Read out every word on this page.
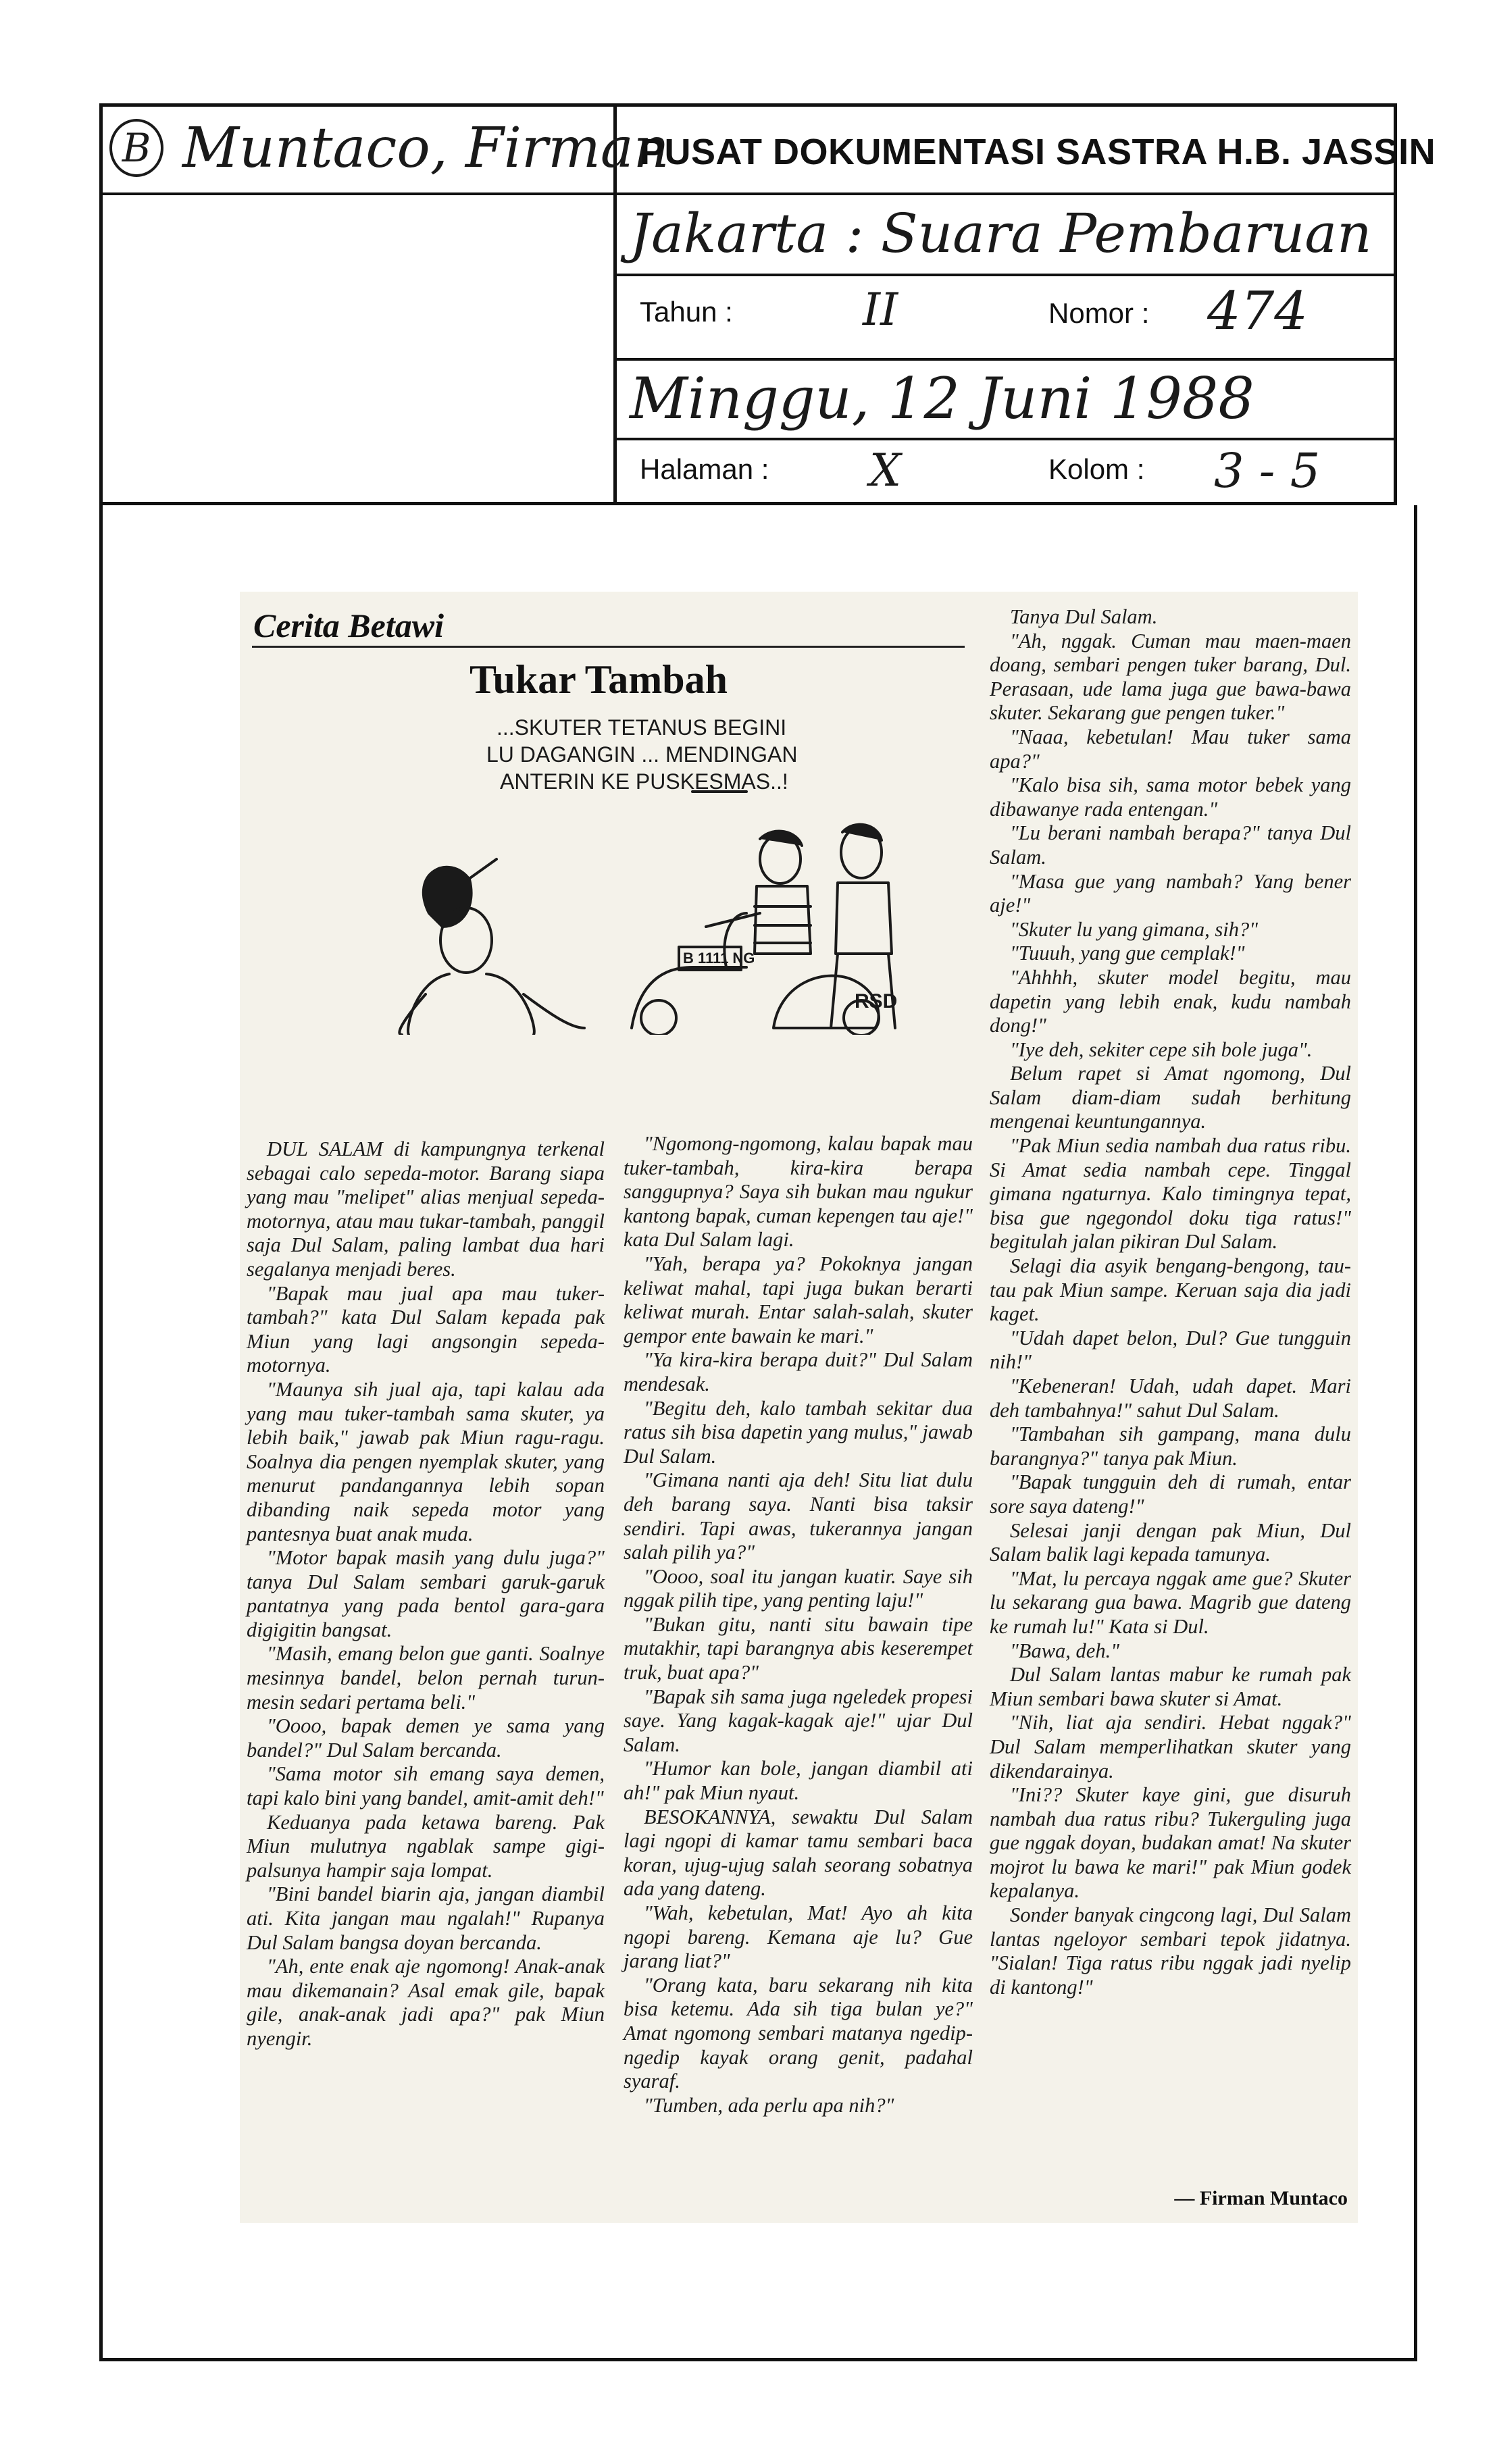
B Muntaco, Firman
PUSAT DOKUMENTASI SASTRA H.B. JASSIN
Jakarta : Suara Pembaruan
Tahun :	II	Nomor : 474
Minggu, 12 Juni 1988
Halaman : X	Kolom : 3 - 5
Cerita Betawi
Tukar Tambah
B 1111 NG
...SKUTER TETANUS BEGINI
LU DAGANGIN ... MENDINGAN
ANTERIN KE PUSKESMAS..!
RSD

DUL SALAM di kampungnya terkenal sebagai calo sepeda-motor. Barang siapa yang mau "melipet" alias menjual sepeda-motornya, atau mau tukar-tambah, panggil saja Dul Salam, paling lambat dua hari segalanya menjadi beres.

"Bapak mau jual apa mau tuker-tambah?" kata Dul Salam kepada pak Miun yang lagi angsongin sepeda-motornya.

"Maunya sih jual aja, tapi kalau ada yang mau tuker-tambah sama skuter, ya lebih baik," jawab pak Miun ragu-ragu. Soalnya dia pengen nyemplak skuter, yang menurut pandangannya lebih sopan dibanding naik sepeda motor yang pantesnya buat anak muda.

"Motor bapak masih yang dulu juga?" tanya Dul Salam sembari garuk-garuk pantatnya yang pada bentol gara-gara digigitin bangsat.

"Masih, emang belon gue ganti. Soalnye mesinnya bandel, belon pernah turun-mesin sedari pertama beli."

"Oooo, bapak demen ye sama yang bandel?" Dul Salam bercanda.

"Sama motor sih emang saya demen, tapi kalo bini yang bandel, amit-amit deh!"

Keduanya pada ketawa bareng. Pak Miun mulutnya ngablak sampe gigi-palsunya hampir saja lompat.

"Bini bandel biarin aja, jangan diambil ati. Kita jangan mau ngalah!" Rupanya Dul Salam bangsa doyan bercanda.

"Ah, ente enak aje ngomong! Anak-anak mau dikemanain? Asal emak gile, bapak gile, anak-anak jadi apa?" pak Miun nyengir.

"Ngomong-ngomong, kalau bapak mau tuker-tambah, kira-kira berapa sanggupnya? Saya sih bukan mau ngukur kantong bapak, cuman kepengen tau aje!" kata Dul Salam lagi.

"Yah, berapa ya? Pokoknya jangan keliwat mahal, tapi juga bukan berarti keliwat murah. Entar salah-salah, skuter gempor ente bawain ke mari."

"Ya kira-kira berapa duit?" Dul Salam mendesak.

"Begitu deh, kalo tambah sekitar dua ratus sih bisa dapetin yang mulus," jawab Dul Salam.

"Gimana nanti aja deh! Situ liat dulu deh barang saya. Nanti bisa taksir sendiri. Tapi awas, tukerannya jangan salah pilih ya?"

"Oooo, soal itu jangan kuatir. Saye sih nggak pilih tipe, yang penting laju!"

"Bukan gitu, nanti situ bawain tipe mutakhir, tapi barangnya abis keserempet truk, buat apa?"

"Bapak sih sama juga ngeledek propesi saye. Yang kagak-kagak aje!" ujar Dul Salam.

"Humor kan bole, jangan diambil ati ah!" pak Miun nyaut.

BESOKANNYA, sewaktu Dul Salam lagi ngopi di kamar tamu sembari baca koran, ujug-ujug salah seorang sobatnya ada yang dateng.

"Wah, kebetulan, Mat! Ayo ah kita ngopi bareng. Kemana aje lu? Gue jarang liat?"

"Orang kata, baru sekarang nih kita bisa ketemu. Ada sih tiga bulan ye?" Amat ngomong sembari matanya ngedip-ngedip kayak orang genit, padahal syaraf.

"Tumben, ada perlu apa nih?"

Tanya Dul Salam.

"Ah, nggak. Cuman mau maen-maen doang, sembari pengen tuker barang, Dul. Perasaan, ude lama juga gue bawa-bawa skuter. Sekarang gue pengen tuker."

"Naaa, kebetulan! Mau tuker sama apa?"

"Kalo bisa sih, sama motor bebek yang dibawanye rada entengan."

"Lu berani nambah berapa?" tanya Dul Salam.

"Masa gue yang nambah? Yang bener aje!"

"Skuter lu yang gimana, sih?"

"Tuuuh, yang gue cemplak!"

"Ahhhh, skuter model begitu, mau dapetin yang lebih enak, kudu nambah dong!"

"Iye deh, sekiter cepe sih bole juga".

Belum rapet si Amat ngomong, Dul Salam diam-diam sudah berhitung mengenai keuntungannya.

"Pak Miun sedia nambah dua ratus ribu. Si Amat sedia nambah cepe. Tinggal gimana ngaturnya. Kalo timingnya tepat, bisa gue ngegondol doku tiga ratus!" begitulah jalan pikiran Dul Salam.

Selagi dia asyik bengang-bengong, tau-tau pak Miun sampe. Keruan saja dia jadi kaget.

"Udah dapet belon, Dul? Gue tungguin nih!"

"Kebeneran! Udah, udah dapet. Mari deh tambahnya!" sahut Dul Salam.

"Tambahan sih gampang, mana dulu barangnya?" tanya pak Miun.

"Bapak tungguin deh di rumah, entar sore saya dateng!"

Selesai janji dengan pak Miun, Dul Salam balik lagi kepada tamunya.

"Mat, lu percaya nggak ame gue? Skuter lu sekarang gua bawa. Magrib gue dateng ke rumah lu!" Kata si Dul.

"Bawa, deh."

Dul Salam lantas mabur ke rumah pak Miun sembari bawa skuter si Amat.

"Nih, liat aja sendiri. Hebat nggak?" Dul Salam memperlihatkan skuter yang dikendarainya.

"Ini?? Skuter kaye gini, gue disuruh nambah dua ratus ribu? Tukerguling juga gue nggak doyan, budakan amat! Na skuter mojrot lu bawa ke mari!" pak Miun godek kepalanya.

Sonder banyak cingcong lagi, Dul Salam lantas ngeloyor sembari tepok jidatnya. "Sialan! Tiga ratus ribu nggak jadi nyelip di kantong!"

— Firman Muntaco
